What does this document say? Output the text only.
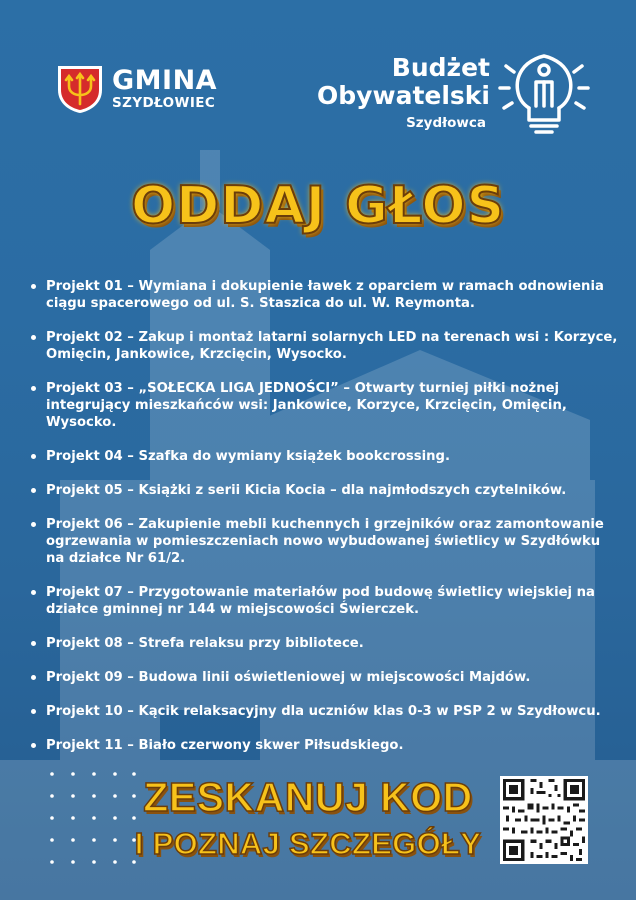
GMINA
SZYDŁOWIEC
Budżet
Obywatelski
Szydłowca
ODDAJ GŁOS
Projekt 01 – Wymiana i dokupienie ławek z oparciem w ramach odnowienia ciągu spacerowego od ul. S. Staszica do ul. W. Reymonta.
Projekt 02 – Zakup i montaż latarni solarnych LED na terenach wsi : Korzyce, Omięcin, Jankowice, Krzcięcin, Wysocko.
Projekt 03 – „SOŁECKA LIGA JEDNOŚCI” – Otwarty turniej piłki nożnej integrujący mieszkańców wsi: Jankowice, Korzyce, Krzcięcin, Omięcin, Wysocko.
Projekt 04 – Szafka do wymiany książek bookcrossing.
Projekt 05 – Książki z serii Kicia Kocia – dla najmłodszych czytelników.
Projekt 06 – Zakupienie mebli kuchennych i grzejników oraz zamontowanie ogrzewania w pomieszczeniach nowo wybudowanej świetlicy w Szydłówku na działce Nr 61/2.
Projekt 07 – Przygotowanie materiałów pod budowę świetlicy wiejskiej na działce gminnej nr 144 w miejscowości Świerczek.
Projekt 08 – Strefa relaksu przy bibliotece.
Projekt 09 – Budowa linii oświetleniowej w miejscowości Majdów.
Projekt 10 – Kącik relaksacyjny dla uczniów klas 0-3 w PSP 2 w Szydłowcu.
Projekt 11 – Biało czerwony skwer Piłsudskiego.
ZESKANUJ KOD
I POZNAJ SZCZEGÓŁY
